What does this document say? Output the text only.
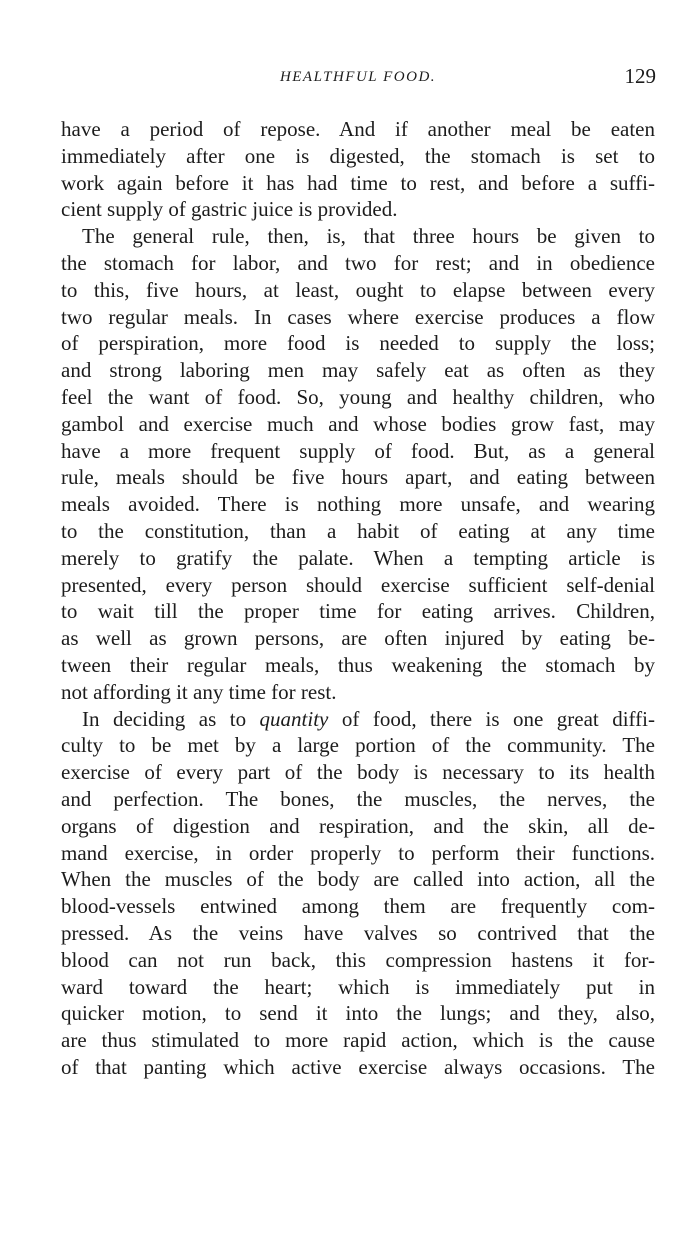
HEALTHFUL FOOD.	129
have a period of repose. And if another meal be eaten
immediately after one is digested, the stomach is set to
work again before it has had time to rest, and before a suffi-
cient supply of gastric juice is provided.
The general rule, then, is, that three hours be given to
the stomach for labor, and two for rest; and in obedience
to this, five hours, at least, ought to elapse between every
two regular meals. In cases where exercise produces a flow
of perspiration, more food is needed to supply the loss;
and strong laboring men may safely eat as often as they
feel the want of food. So, young and healthy children, who
gambol and exercise much and whose bodies grow fast, may
have a more frequent supply of food. But, as a general
rule, meals should be five hours apart, and eating between
meals avoided. There is nothing more unsafe, and wearing
to the constitution, than a habit of eating at any time
merely to gratify the palate. When a tempting article is
presented, every person should exercise sufficient self-denial
to wait till the proper time for eating arrives. Children,
as well as grown persons, are often injured by eating be-
tween their regular meals, thus weakening the stomach by
not affording it any time for rest.
In deciding as to quantity of food, there is one great diffi-
culty to be met by a large portion of the community. The
exercise of every part of the body is necessary to its health
and perfection. The bones, the muscles, the nerves, the
organs of digestion and respiration, and the skin, all de-
mand exercise, in order properly to perform their functions.
When the muscles of the body are called into action, all the
blood-vessels entwined among them are frequently com-
pressed. As the veins have valves so contrived that the
blood can not run back, this compression hastens it for-
ward toward the heart; which is immediately put in
quicker motion, to send it into the lungs; and they, also,
are thus stimulated to more rapid action, which is the cause
of that panting which active exercise always occasions. The
